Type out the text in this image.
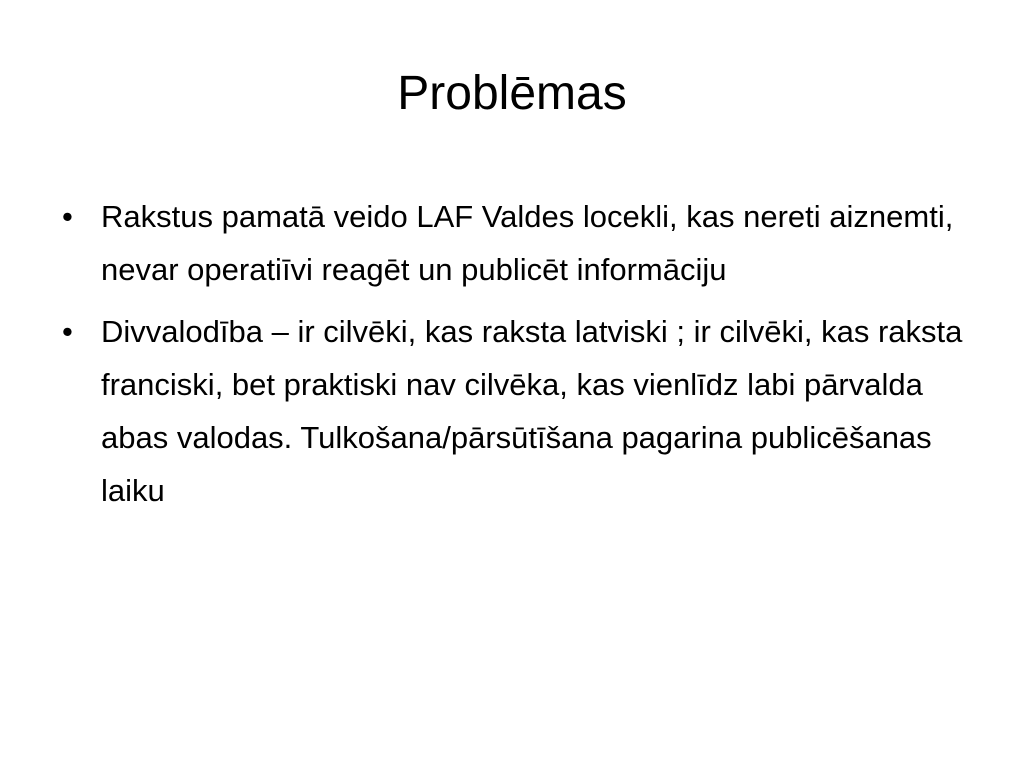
Problēmas
• Rakstus pamatā veido LAF Valdes locekli, kas nereti aiznemti, nevar operatiīvi reagēt un publicēt informāciju
• Divvalodība – ir cilvēki, kas raksta latviski ; ir cilvēki, kas raksta franciski, bet praktiski nav cilvēka, kas vienlīdz labi pārvalda abas valodas. Tulkošana/pārsūtīšana pagarina publicēšanas laiku
